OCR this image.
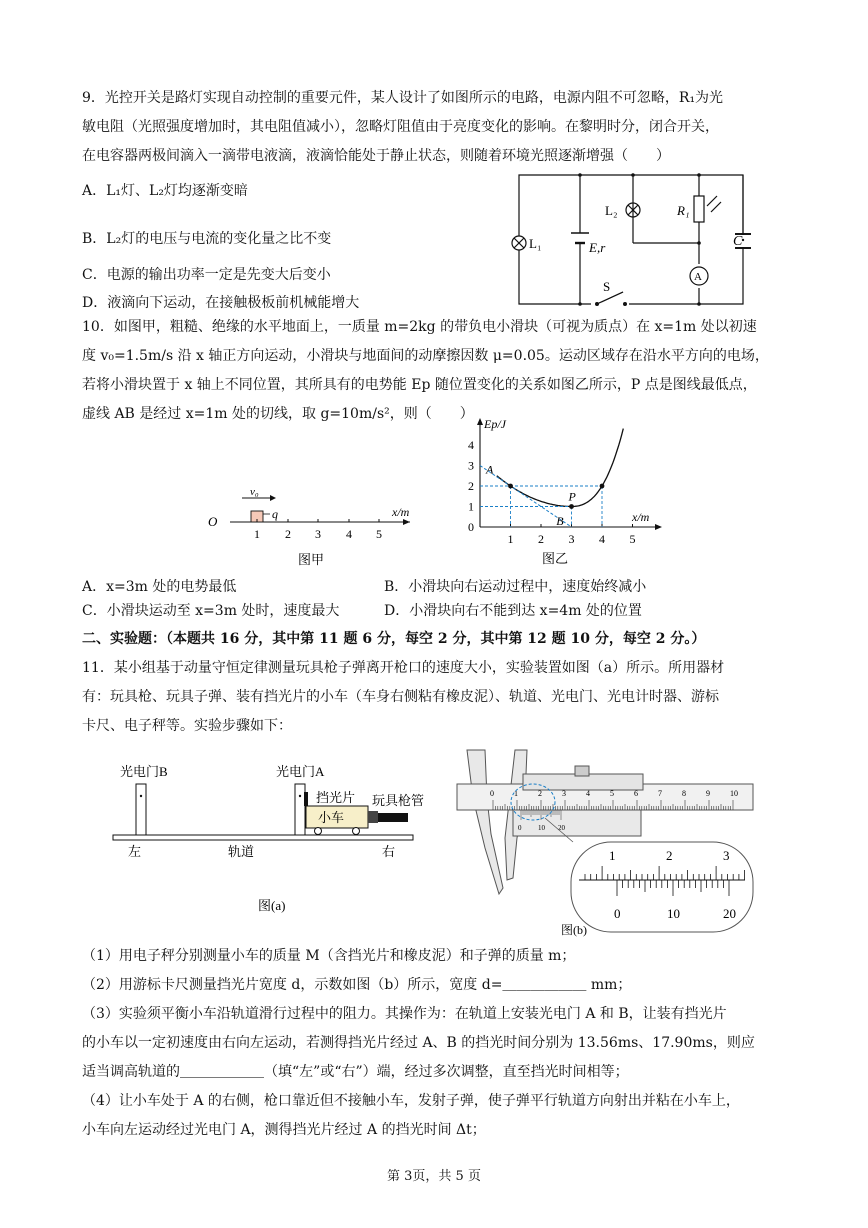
9．光控开关是路灯实现自动控制的重要元件，某人设计了如图所示的电路，电源内阻不可忽略，R₁为光
敏电阻（光照强度增加时，其电阻值减小），忽略灯阻值由于亮度变化的影响。在黎明时分，闭合开关，
在电容器两极间滴入一滴带电液滴，液滴恰能处于静止状态，则随着环境光照逐渐增强（　　）
A．L₁灯、L₂灯均逐渐变暗
B．L₂灯的电压与电流的变化量之比不变
C．电源的输出功率一定是先变大后变小
D．液滴向下运动，在接触极板前机械能增大
L₁
L₂	R₁
E,r	C
S
A
10．如图甲，粗糙、绝缘的水平地面上，一质量 m=2kg 的带负电小滑块（可视为质点）在 x=1m 处以初速
度 v₀=1.5m/s 沿 x 轴正方向运动，小滑块与地面间的动摩擦因数 μ=0.05。运动区域存在沿水平方向的电场，
若将小滑块置于 x 轴上不同位置，其所具有的电势能 Ep 随位置变化的关系如图乙所示，P 点是图线最低点，
虚线 AB 是经过 x=1m 处的切线，取 g=10m/s²，则（　　）
v₀
q
O
x/m
1 2 3 4 5
图甲
Ep/J
x/m
0
1
2
3
4
1 2 3 4 5
A
B
P
图乙
A．x=3m 处的电势最低	B．小滑块向右运动过程中，速度始终减小
C．小滑块运动至 x=3m 处时，速度最大	D．小滑块向右不能到达 x=4m 处的位置
二、实验题：（本题共 16 分，其中第 11 题 6 分，每空 2 分，其中第 12 题 10 分，每空 2 分。）
11．某小组基于动量守恒定律测量玩具枪子弹离开枪口的速度大小，实验装置如图（a）所示。所用器材
有：玩具枪、玩具子弹、装有挡光片的小车（车身右侧粘有橡皮泥）、轨道、光电门、光电计时器、游标
卡尺、电子秤等。实验步骤如下：
光电门B	光电门A
小车
挡光片 玩具枪管
左	轨道	右
图(a)
0	1	2	3	4	5	6	7	8	9	10
0 10 20
1	2	3
0	10	20
图(b)
（1）用电子秤分别测量小车的质量 M（含挡光片和橡皮泥）和子弹的质量 m；
（2）用游标卡尺测量挡光片宽度 d，示数如图（b）所示，宽度 d=＿＿＿＿＿＿ mm；
（3）实验须平衡小车沿轨道滑行过程中的阻力。其操作为：在轨道上安装光电门 A 和 B，让装有挡光片
的小车以一定初速度由右向左运动，若测得挡光片经过 A、B 的挡光时间分别为 13.56ms、17.90ms，则应
适当调高轨道的＿＿＿＿＿＿（填“左”或“右”）端，经过多次调整，直至挡光时间相等；
（4）让小车处于 A 的右侧，枪口靠近但不接触小车，发射子弹，使子弹平行轨道方向射出并粘在小车上，
小车向左运动经过光电门 A，测得挡光片经过 A 的挡光时间 Δt；
第 3页，共 5 页
